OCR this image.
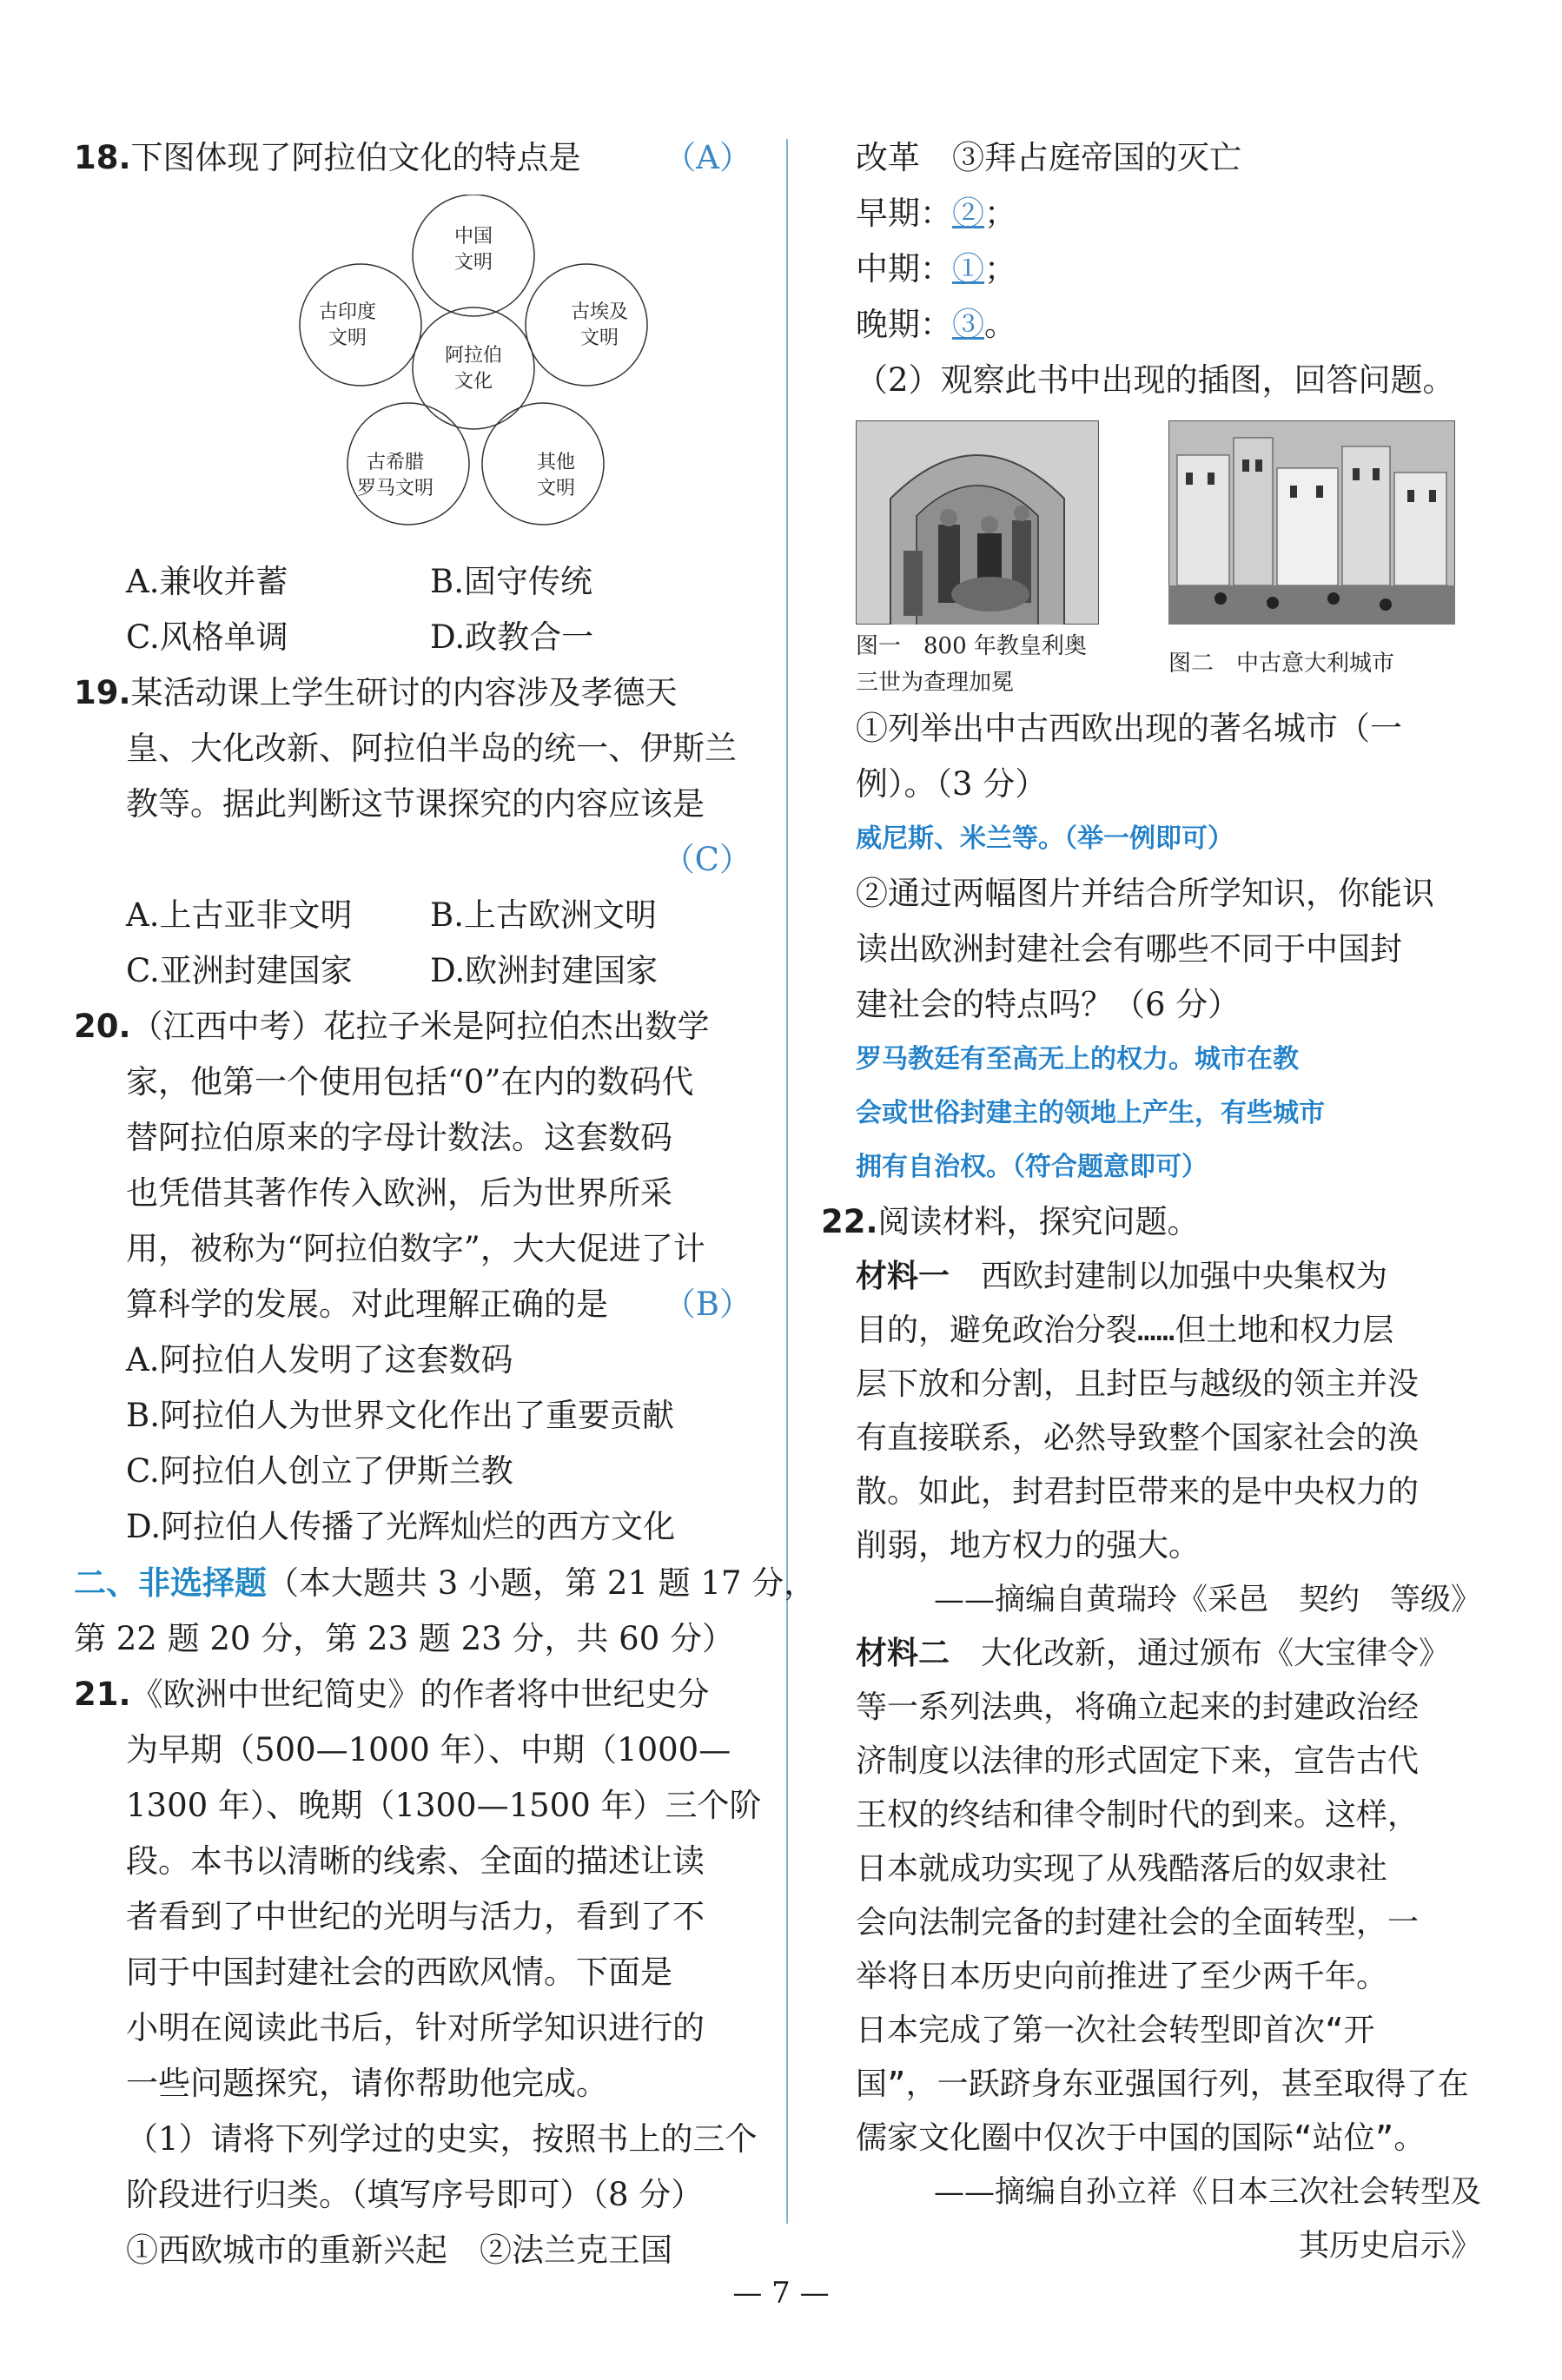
18.下图体现了阿拉伯文化的特点是	（A）
阿拉伯
文化
中国
文明
古印度
文明
古埃及
文明
古希腊
罗马文明
其他
文明
A.兼收并蓄	B.固守传统
C.风格单调	D.政教合一
19.某活动课上学生研讨的内容涉及孝德天
皇、大化改新、阿拉伯半岛的统一、伊斯兰
教等。据此判断这节课探究的内容应该是
（C）
A.上古亚非文明	B.上古欧洲文明
C.亚洲封建国家	D.欧洲封建国家
20.（江西中考）花拉子米是阿拉伯杰出数学
家，他第一个使用包括“0”在内的数码代
替阿拉伯原来的字母计数法。这套数码
也凭借其著作传入欧洲，后为世界所采
用，被称为“阿拉伯数字”，大大促进了计
算科学的发展。对此理解正确的是 （B）
A.阿拉伯人发明了这套数码
B.阿拉伯人为世界文化作出了重要贡献
C.阿拉伯人创立了伊斯兰教
D.阿拉伯人传播了光辉灿烂的西方文化
二、非选择题（本大题共 3 小题，第 21 题 17 分，
第 22 题 20 分，第 23 题 23 分，共 60 分）
21.《欧洲中世纪简史》的作者将中世纪史分
为早期（500—1000 年）、中期（1000—
1300 年）、晚期（1300—1500 年）三个阶
段。本书以清晰的线索、全面的描述让读
者看到了中世纪的光明与活力，看到了不
同于中国封建社会的西欧风情。下面是
小明在阅读此书后，针对所学知识进行的
一些问题探究，请你帮助他完成。
（1）请将下列学过的史实，按照书上的三个
阶段进行归类。（填写序号即可）（8 分）
①西欧城市的重新兴起　②法兰克王国
改革　③拜占庭帝国的灭亡
早期：②；
中期：①；
晚期：③。
（2）观察此书中出现的插图，回答问题。
图一　800 年教皇利奥
三世为查理加冕
图二　中古意大利城市
①列举出中古西欧出现的著名城市（一
例）。（3 分）
威尼斯、米兰等。（举一例即可）
②通过两幅图片并结合所学知识，你能识
读出欧洲封建社会有哪些不同于中国封
建社会的特点吗？（6 分）
罗马教廷有至高无上的权力。城市在教
会或世俗封建主的领地上产生，有些城市
拥有自治权。（符合题意即可）
22.阅读材料，探究问题。
材料一　西欧封建制以加强中央集权为
目的，避免政治分裂……但土地和权力层
层下放和分割，且封臣与越级的领主并没
有直接联系，必然导致整个国家社会的涣
散。如此，封君封臣带来的是中央权力的
削弱，地方权力的强大。
——摘编自黄瑞玲《采邑　契约　等级》
材料二　大化改新，通过颁布《大宝律令》
等一系列法典，将确立起来的封建政治经
济制度以法律的形式固定下来，宣告古代
王权的终结和律令制时代的到来。这样，
日本就成功实现了从残酷落后的奴隶社
会向法制完备的封建社会的全面转型，一
举将日本历史向前推进了至少两千年。
日本完成了第一次社会转型即首次“开
国”，一跃跻身东亚强国行列，甚至取得了在
儒家文化圈中仅次于中国的国际“站位”。
——摘编自孙立祥《日本三次社会转型及
其历史启示》
— 7 —
